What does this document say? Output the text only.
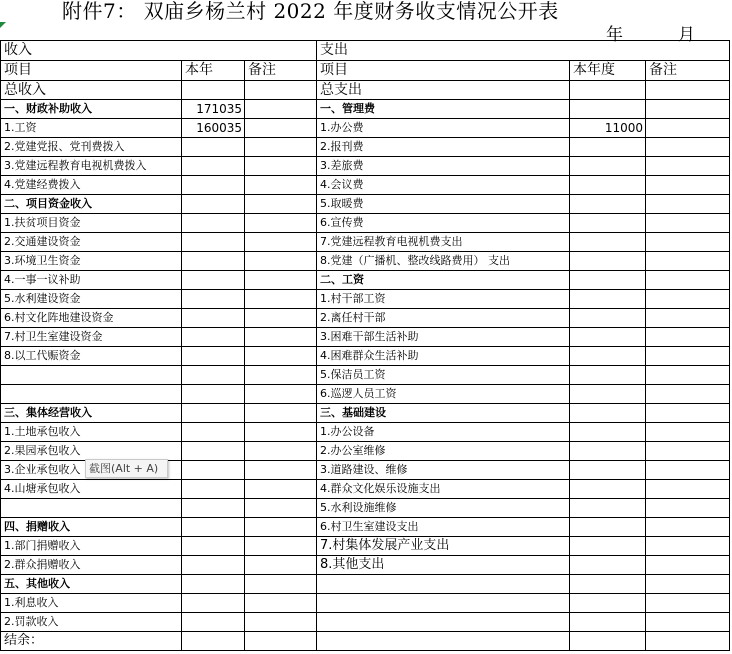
附件7： 双庙乡杨兰村 2022 年度财务收支情况公开表
年	月
收入			支出		
项目	本年	备注	项目	本年度	备注
总收入			总支出		
一、财政补助收入	171035		一、管理费		
1.工资	160035		1.办公费	11000	
2.党建党报、党刊费拨入			2.报刊费		
3.党建远程教育电视机费拨入			3.差旅费		
4.党建经费拨入			4.会议费		
二、项目资金收入			5.取暖费		
1.扶贫项目资金			6.宣传费		
2.交通建设资金			7.党建远程教育电视机费支出		
3.环境卫生资金			8.党建（广播机、整改线路费用） 支出		
4.一事一议补助			二、工资		
5.水利建设资金			1.村干部工资		
6.村文化阵地建设资金			2.离任村干部		
7.村卫生室建设资金			3.困难干部生活补助		
8.以工代赈资金			4.困难群众生活补助		
			5.保洁员工资		
			6.巡逻人员工资		
三、集体经营收入			三、基础建设		
1.土地承包收入			1.办公设备		
2.果园承包收入			2.办公室维修		
3.企业承包收入			3.道路建设、维修		
4.山塘承包收入			4.群众文化娱乐设施支出		
			5.水利设施维修		
四、捐赠收入			6.村卫生室建设支出		
1.部门捐赠收入			7.村集体发展产业支出		
2.群众捐赠收入			8.其他支出		
五、其他收入					
1.利息收入					
2.罚款收入					
结余：					
截图(Alt + A)
